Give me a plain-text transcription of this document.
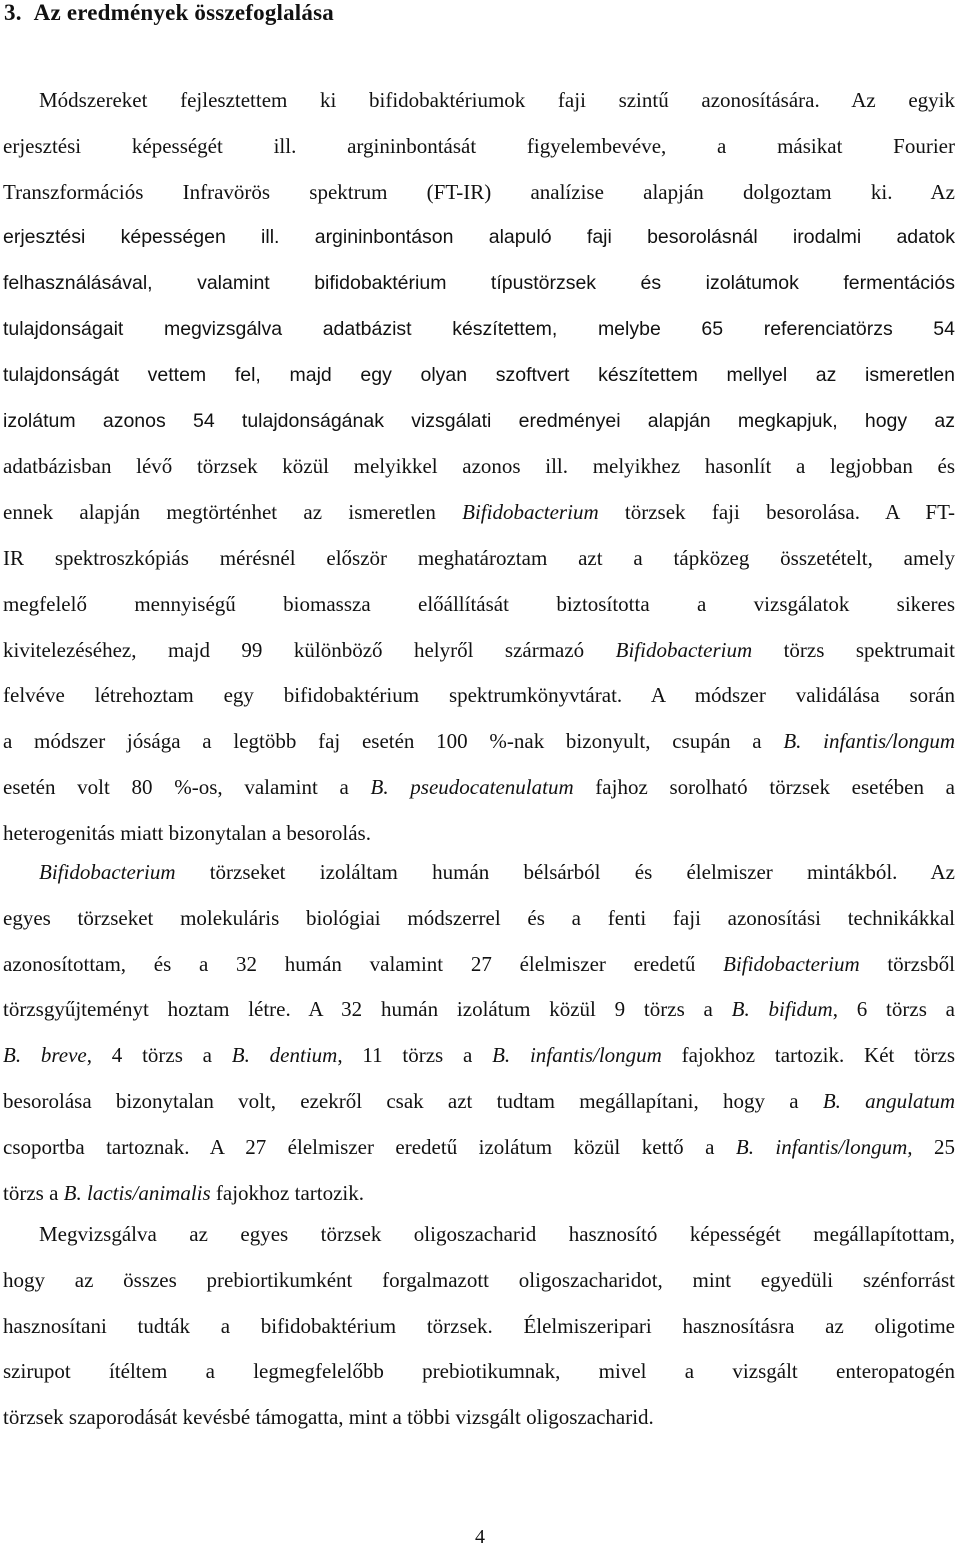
3. Az eredmények összefoglalása
Módszereket fejlesztettem ki bifidobaktériumok faji szintű azonosítására. Az egyik
erjesztési képességét ill. argininbontását figyelembevéve, a másikat Fourier
Transzformációs Infravörös spektrum (FT-IR) analízise alapján dolgoztam ki. Az
erjesztési képességen ill. argininbontáson alapuló faji besorolásnál irodalmi adatok
felhasználásával, valamint bifidobaktérium típustörzsek és izolátumok fermentációs
tulajdonságait megvizsgálva adatbázist készítettem, melybe 65 referenciatörzs 54
tulajdonságát vettem fel, majd egy olyan szoftvert készítettem mellyel az ismeretlen
izolátum azonos 54 tulajdonságának vizsgálati eredményei alapján megkapjuk, hogy az
adatbázisban lévő törzsek közül melyikkel azonos ill. melyikhez hasonlít a legjobban és
ennek alapján megtörténhet az ismeretlen Bifidobacterium törzsek faji besorolása. A FT-
IR spektroszkópiás mérésnél először meghatároztam azt a tápközeg összetételt, amely
megfelelő mennyiségű biomassza előállítását biztosította a vizsgálatok sikeres
kivitelezéséhez, majd 99 különböző helyről származó Bifidobacterium törzs spektrumait
felvéve létrehoztam egy bifidobaktérium spektrumkönyvtárat. A módszer validálása során
a módszer jósága a legtöbb faj esetén 100 %-nak bizonyult, csupán a B. infantis/longum
esetén volt 80 %-os, valamint a B. pseudocatenulatum fajhoz sorolható törzsek esetében a
heterogenitás miatt bizonytalan a besorolás.
Bifidobacterium törzseket izoláltam humán bélsárból és élelmiszer mintákból. Az
egyes törzseket molekuláris biológiai módszerrel és a fenti faji azonosítási technikákkal
azonosítottam, és a 32 humán valamint 27 élelmiszer eredetű Bifidobacterium törzsből
törzsgyűjteményt hoztam létre. A 32 humán izolátum közül 9 törzs a B. bifidum, 6 törzs a
B. breve, 4 törzs a B. dentium, 11 törzs a B. infantis/longum fajokhoz tartozik. Két törzs
besorolása bizonytalan volt, ezekről csak azt tudtam megállapítani, hogy a B. angulatum
csoportba tartoznak. A 27 élelmiszer eredetű izolátum közül kettő a B. infantis/longum, 25
törzs a B. lactis/animalis fajokhoz tartozik.
Megvizsgálva az egyes törzsek oligoszacharid hasznosító képességét megállapítottam,
hogy az összes prebiortikumként forgalmazott oligoszacharidot, mint egyedüli szénforrást
hasznosítani tudták a bifidobaktérium törzsek. Élelmiszeripari hasznosításra az oligotime
szirupot ítéltem a legmegfelelőbb prebiotikumnak, mivel a vizsgált enteropatogén
törzsek szaporodását kevésbé támogatta, mint a többi vizsgált oligoszacharid.
4
